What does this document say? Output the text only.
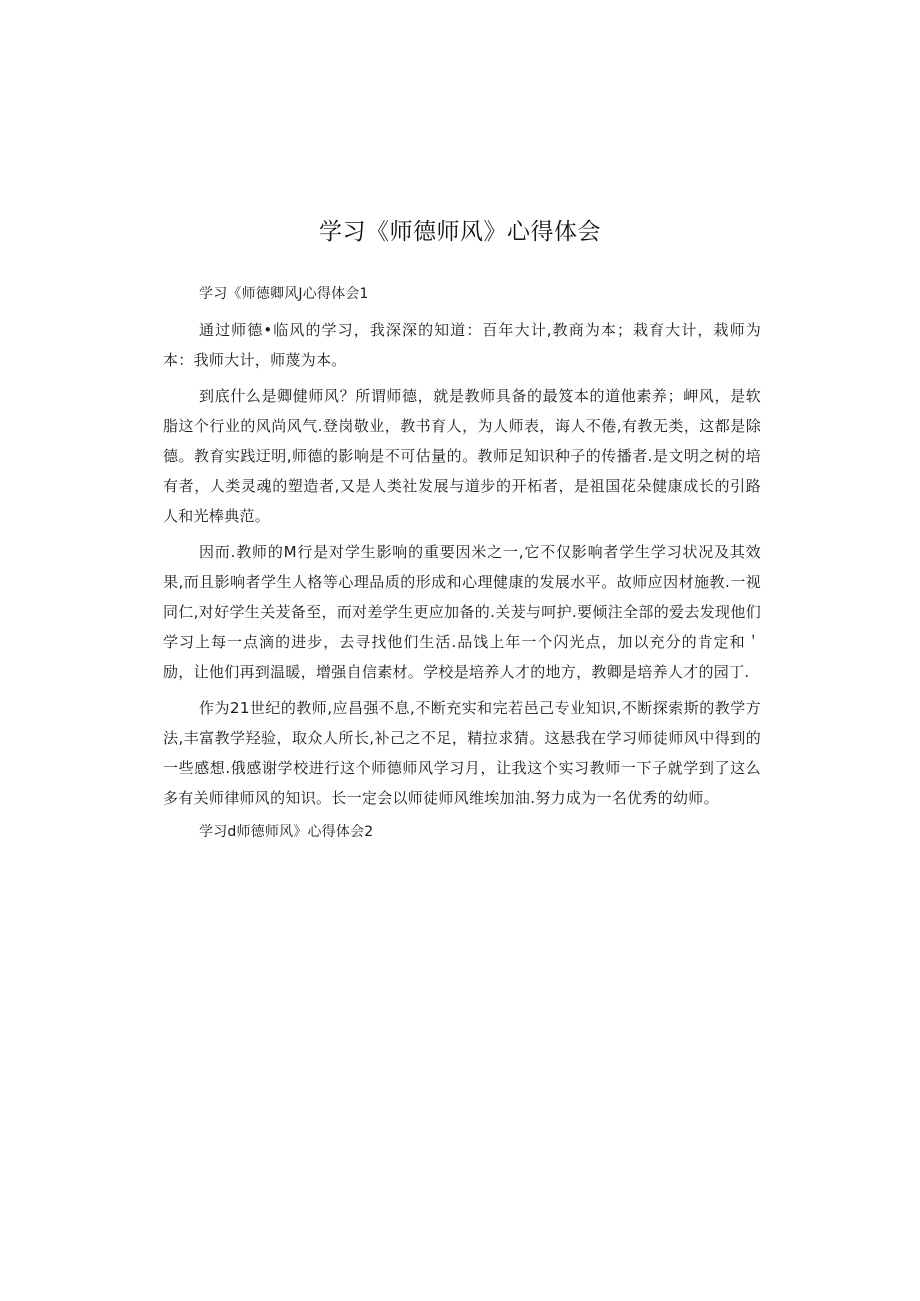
学习《师德师风》心得体会
学习《师德卿风J心得体会1

通过师德•临风的学习，我深深的知道：百年大计,教商为本；栽育大计，栽师为本：我师大计，师蔑为本。

到底什么是卿健师风？所谓师德，就是教师具备的最笈本的道他素养；岬风，是软脂这个行业的风尚风气.登岗敬业，教书育人，为人师表，诲人不倦,有教无类，这都是除德。教育实践迂明,师德的影响是不可估量的。教师足知识种子的传播者.是文明之树的培有者，人类灵魂的塑造者,又是人类社发展与道步的开柘者，是祖国花朵健康成长的引路人和光棒典范。

因而.教师的M行是对学生影响的重要因米之一,它不仅影响者学生学习状况及其效果,而且影响者学生人格等心理品质的形成和心理健康的发展水平。故师应因材施教.一视同仁,对好学生关茇备至，而对差学生更应加备的.关茇与呵护.要倾注全部的爱去发现他们学习上每一点滴的进步，去寻找他们生活.品饯上年一个闪光点，加以充分的肯定和＇励，让他们再到温暖，增强自信素材。学校是培养人才的地方，教卿是培养人才的园丁.

作为21世纪的教师,应昌强不息,不断充实和完若邑己专业知识,不断探索斯的教学方法,丰富教学羟验，取众人所长,补己之不足，精拉求猜。这悬我在学习师徒师风中得到的一些感想.俄感谢学校进行这个师德师风学习月，让我这个实习教师一下子就学到了这么多有关师律师风的知识。长一定会以师徒师风维埃加油.努力成为一名优秀的幼师。

学习d师德师风》心得体会2
